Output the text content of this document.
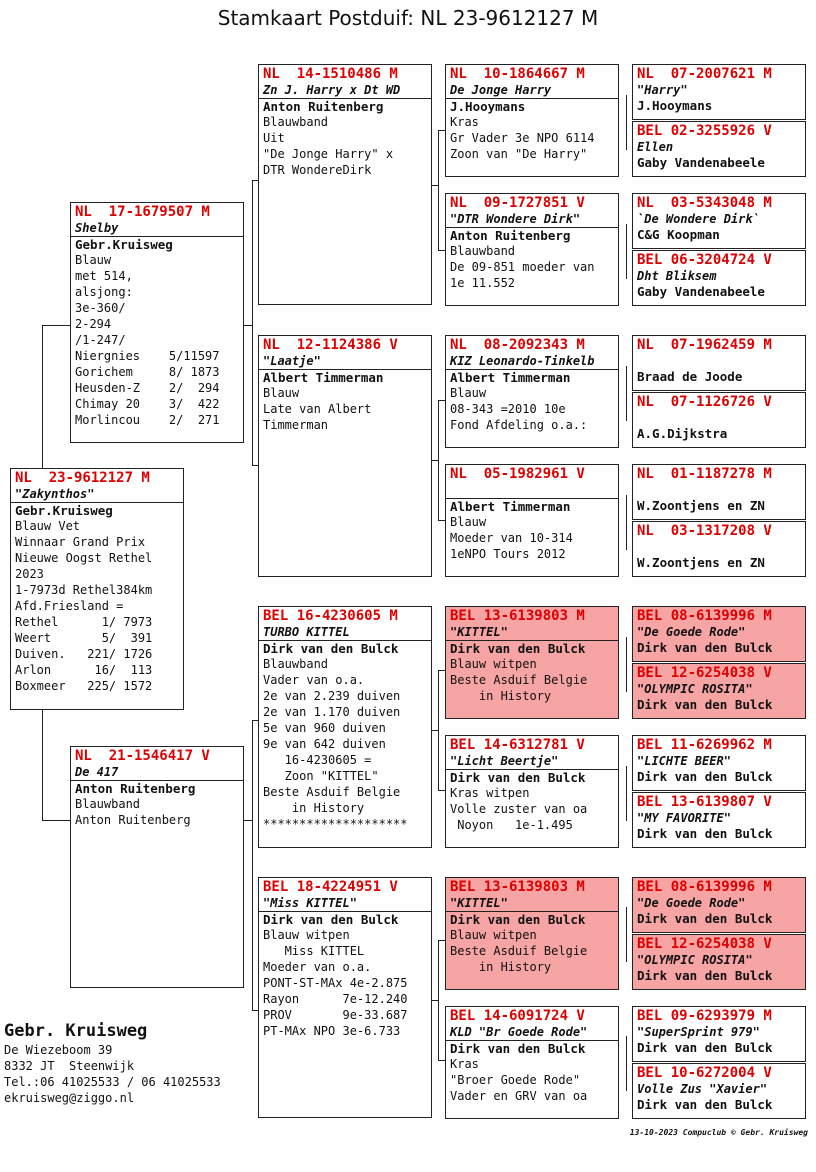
Stamkaart Postduif: NL 23-9612127 M
NL  23-9612127 M
"Zakynthos"
Gebr.Kruisweg
Blauw Vet
Winnaar Grand Prix
Nieuwe Oogst Rethel
2023
1-7973d Rethel384km
Afd.Friesland =
Rethel      1/ 7973
Weert       5/  391
Duiven.   221/ 1726
Arlon      16/  113
Boxmeer   225/ 1572
NL  17-1679507 M
Shelby
Gebr.Kruisweg
Blauw
met 514,
alsjong:
3e-360/
2-294
/1-247/
Niergnies    5/11597
Gorichem     8/ 1873
Heusden-Z    2/  294
Chimay 20    3/  422
Morlincou    2/  271
NL  21-1546417 V
De 417
Anton Ruitenberg
Blauwband
Anton Ruitenberg
NL  14-1510486 M
Zn J. Harry x Dt WD
Anton Ruitenberg
Blauwband
Uit
"De Jonge Harry" x
DTR WondereDirk
NL  12-1124386 V
"Laatje"
Albert Timmerman
Blauw
Late van Albert
Timmerman
BEL 16-4230605 M
TURBO KITTEL
Dirk van den Bulck
Blauwband
Vader van o.a.
2e van 2.239 duiven
2e van 1.170 duiven
5e van 960 duiven
9e van 642 duiven
16-4230605 =
Zoon "KITTEL"
Beste Asduif Belgie
in History
********************
BEL 18-4224951 V
"Miss KITTEL"
Dirk van den Bulck
Blauw witpen
Miss KITTEL
Moeder van o.a.
PONT-ST-MAx 4e-2.875
Rayon      7e-12.240
PROV       9e-33.687
PT-MAx NPO 3e-6.733
NL  10-1864667 M
De Jonge Harry
J.Hooymans
Kras
Gr Vader 3e NPO 6114
Zoon van "De Harry"
NL  09-1727851 V
"DTR Wondere Dirk"
Anton Ruitenberg
Blauwband
De 09-851 moeder van
1e 11.552
NL  08-2092343 M
KIZ Leonardo-Tinkelb
Albert Timmerman
Blauw
08-343 =2010 10e
Fond Afdeling o.a.:
NL  05-1982961 V
Albert Timmerman
Blauw
Moeder van 10-314
1eNPO Tours 2012
BEL 13-6139803 M
"KITTEL"
Dirk van den Bulck
Blauw witpen
Beste Asduif Belgie
in History
BEL 14-6312781 V
"Licht Beertje"
Dirk van den Bulck
Kras witpen
Volle zuster van oa
Noyon   1e-1.495
BEL 13-6139803 M
"KITTEL"
Dirk van den Bulck
Blauw witpen
Beste Asduif Belgie
in History
BEL 14-6091724 V
KLD "Br Goede Rode"
Dirk van den Bulck
Kras
"Broer Goede Rode"
Vader en GRV van oa
NL  07-2007621 M
"Harry"
J.Hooymans
BEL 02-3255926 V
Ellen
Gaby Vandenabeele
NL  03-5343048 M
`De Wondere Dirk`
C&G Koopman
BEL 06-3204724 V
Dht Bliksem
Gaby Vandenabeele
NL  07-1962459 M
Braad de Joode
NL  07-1126726 V
A.G.Dijkstra
NL  01-1187278 M
W.Zoontjens en ZN
NL  03-1317208 V
W.Zoontjens en ZN
BEL 08-6139996 M
"De Goede Rode"
Dirk van den Bulck
BEL 12-6254038 V
"OLYMPIC ROSITA"
Dirk van den Bulck
BEL 11-6269962 M
"LICHTE BEER"
Dirk van den Bulck
BEL 13-6139807 V
"MY FAVORITE"
Dirk van den Bulck
BEL 08-6139996 M
"De Goede Rode"
Dirk van den Bulck
BEL 12-6254038 V
"OLYMPIC ROSITA"
Dirk van den Bulck
BEL 09-6293979 M
"SuperSprint 979"
Dirk van den Bulck
BEL 10-6272004 V
Volle Zus "Xavier"
Dirk van den Bulck
Gebr. Kruisweg
De Wiezeboom 39
8332 JT  Steenwijk
Tel.:06 41025533 / 06 41025533
ekruisweg@ziggo.nl
13-10-2023 Compuclub © Gebr. Kruisweg
